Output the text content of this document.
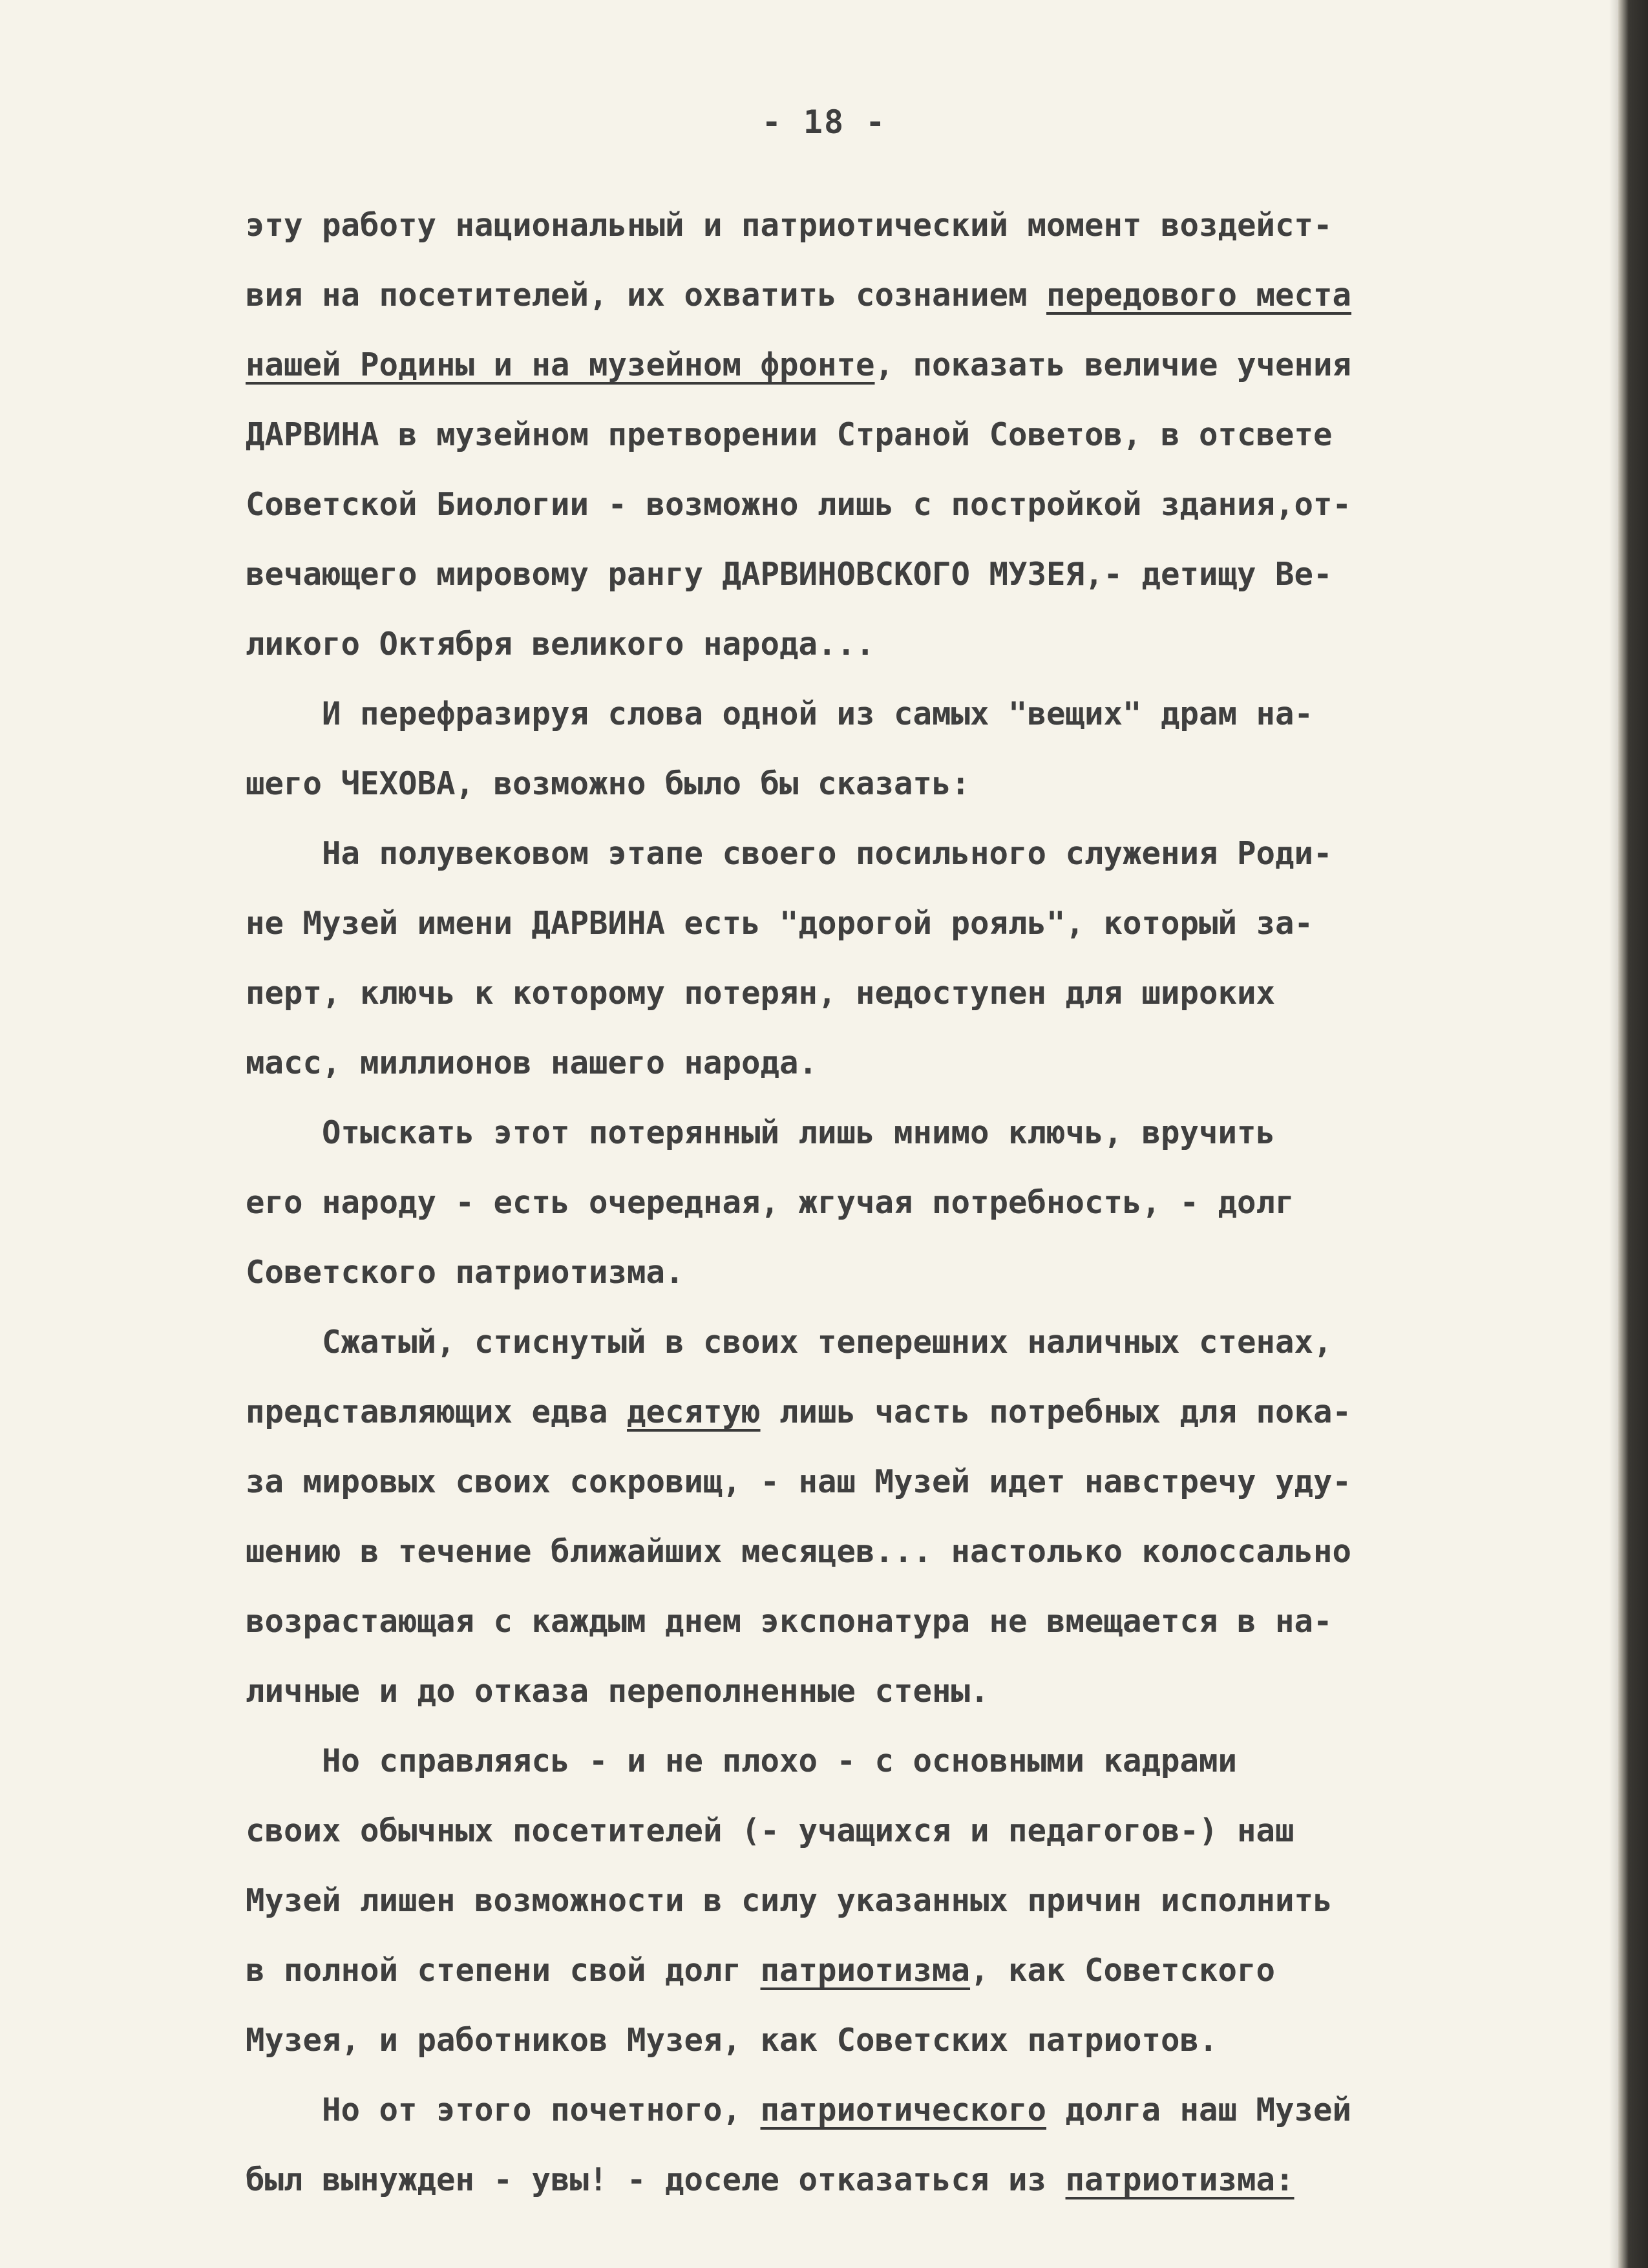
- 18 -
эту работу национальный и патриотический момент воздейст-
вия на посетителей, их охватить сознанием передового места
нашей Родины и на музейном фронте, показать величие учения
ДАРВИНА в музейном претворении Страной Советов, в отсвете
Советской Биологии - возможно лишь с постройкой здания,от-
вечающего мировому рангу ДАРВИНОВСКОГО МУЗЕЯ,- детищу Ве-
ликого Октября великого народа...
И перефразируя слова одной из самых "вещих" драм на-
шего ЧЕХОВА, возможно было бы сказать:
На полувековом этапе своего посильного служения Роди-
не Музей имени ДАРВИНА есть "дорогой рояль", который за-
перт, ключь к которому потерян, недоступен для широких
масс, миллионов нашего народа.
Отыскать этот потерянный лишь мнимо ключь, вручить
его народу - есть очередная, жгучая потребность, - долг
Советского патриотизма.
Сжатый, стиснутый в своих теперешних наличных стенах,
представляющих едва десятую лишь часть потребных для пока-
за мировых своих сокровищ, - наш Музей идет навстречу уду-
шению в течение ближайших месяцев... настолько колоссально
возрастающая с каждым днем экспонатура не вмещается в на-
личные и до отказа переполненные стены.
Но справляясь - и не плохо - с основными кадрами
своих обычных посетителей (- учащихся и педагогов-) наш
Музей лишен возможности в силу указанных причин исполнить
в полной степени свой долг патриотизма, как Советского
Музея, и работников Музея, как Советских патриотов.
Но от этого почетного, патриотического долга наш Музей
был вынужден - увы! - доселе отказаться из патриотизма:
